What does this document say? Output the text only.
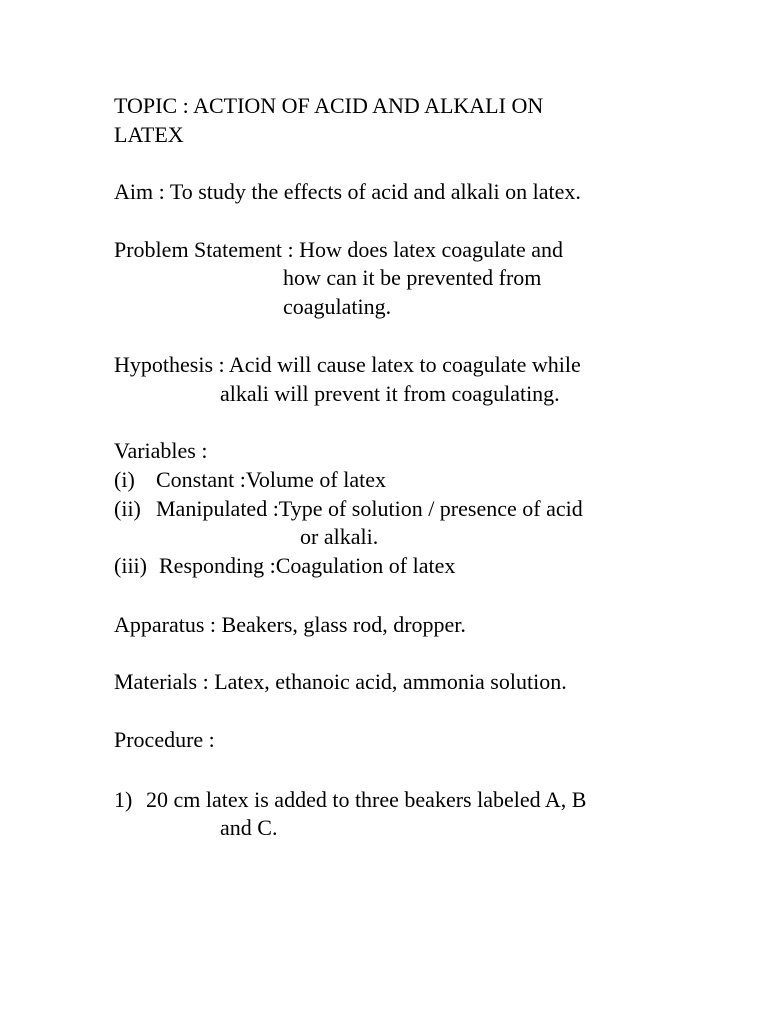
TOPIC : ACTION OF ACID AND ALKALI ON

LATEX

Aim : To study the effects of acid and alkali on latex.

Problem Statement : How does latex coagulate and

how can it be prevented from

coagulating.

Hypothesis : Acid will cause latex to coagulate while

alkali will prevent it from coagulating.

Variables :

(i) Constant :Volume of latex

(ii) Manipulated :Type of solution / presence of acid

or alkali.

(iii) Responding :Coagulation of latex

Apparatus : Beakers, glass rod, dropper.

Materials : Latex, ethanoic acid, ammonia solution.

Procedure :

1) 20 cm latex is added to three beakers labeled A, B

and C.
